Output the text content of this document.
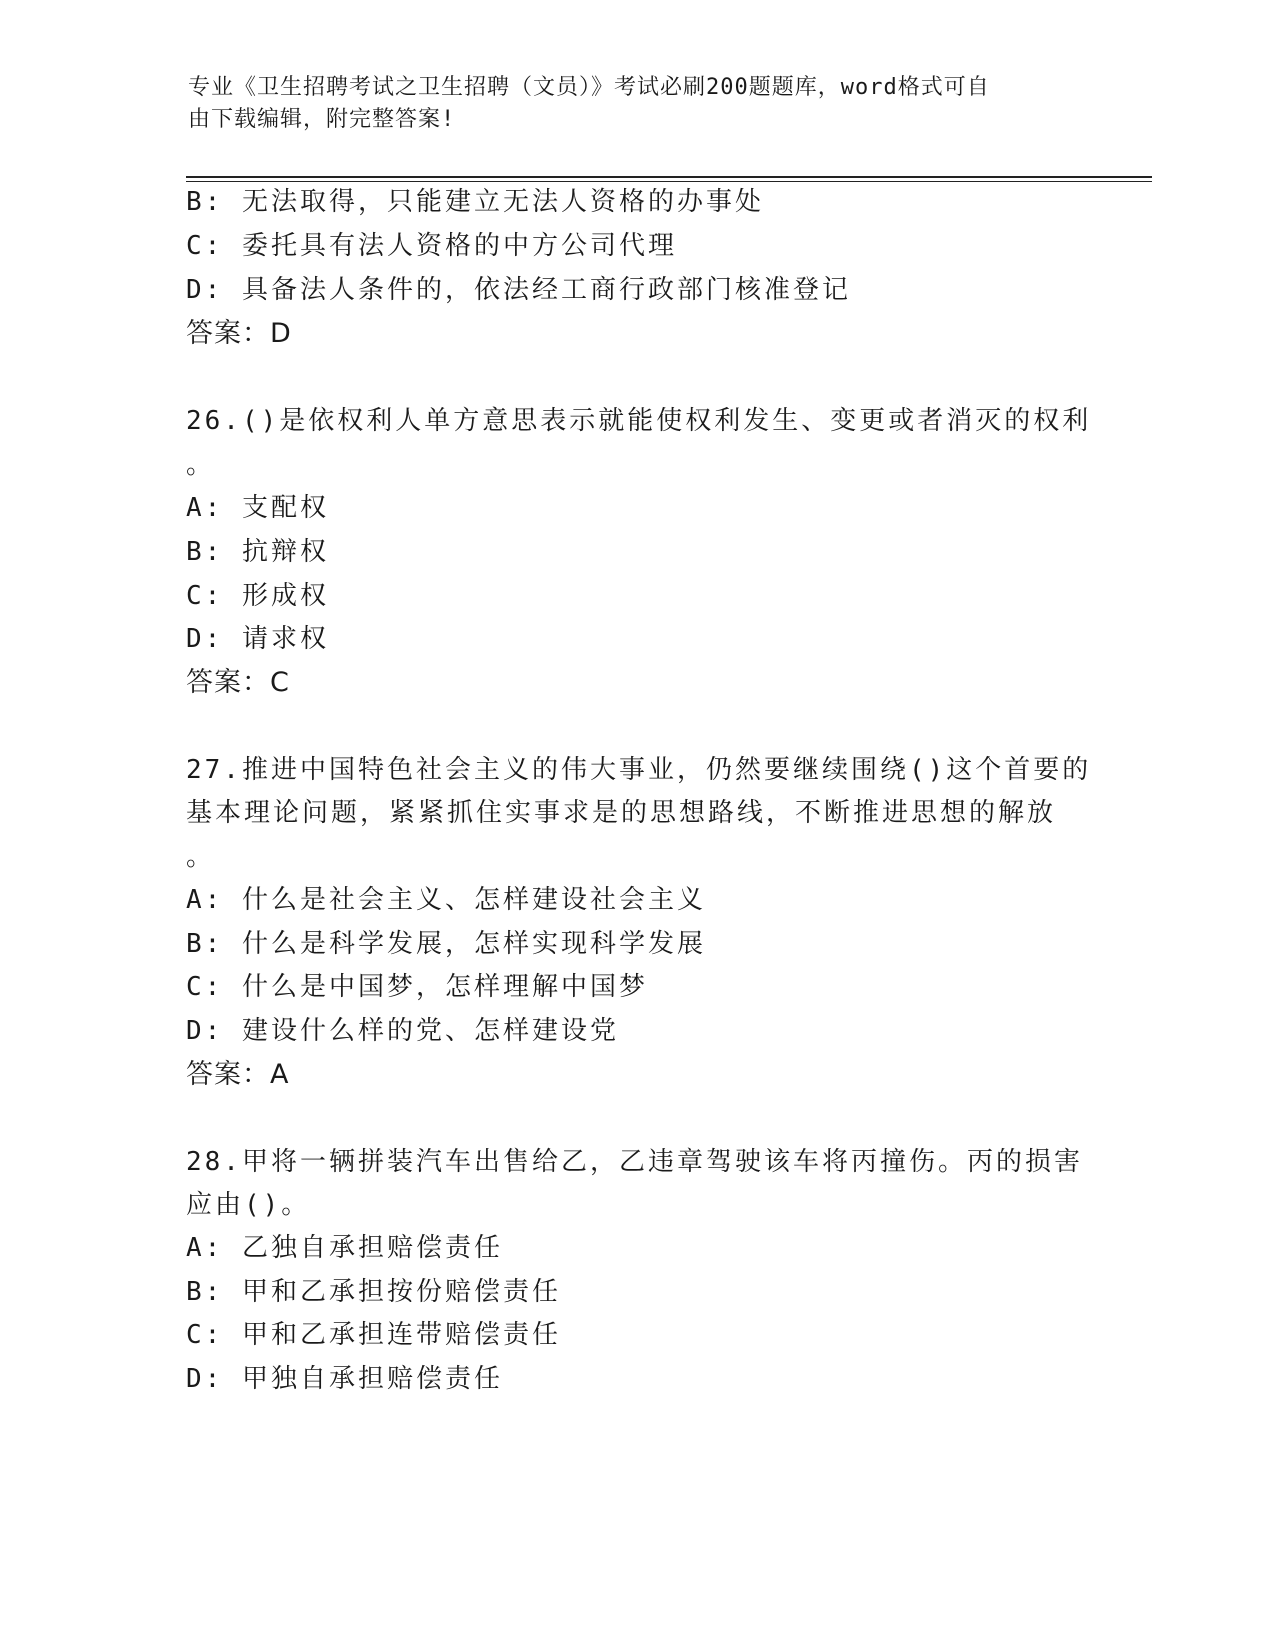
专业《卫生招聘考试之卫生招聘（文员）》考试必刷200题题库，word格式可自
由下载编辑，附完整答案!
B: 无法取得，只能建立无法人资格的办事处
C: 委托具有法人资格的中方公司代理
D: 具备法人条件的，依法经工商行政部门核准登记
答案：D
26.()是依权利人单方意思表示就能使权利发生、变更或者消灭的权利
。
A: 支配权
B: 抗辩权
C: 形成权
D: 请求权
答案：C
27.推进中国特色社会主义的伟大事业，仍然要继续围绕()这个首要的
基本理论问题，紧紧抓住实事求是的思想路线，不断推进思想的解放
。
A: 什么是社会主义、怎样建设社会主义
B: 什么是科学发展，怎样实现科学发展
C: 什么是中国梦，怎样理解中国梦
D: 建设什么样的党、怎样建设党
答案：A
28.甲将一辆拼装汽车出售给乙，乙违章驾驶该车将丙撞伤。丙的损害
应由()。
A: 乙独自承担赔偿责任
B: 甲和乙承担按份赔偿责任
C: 甲和乙承担连带赔偿责任
D: 甲独自承担赔偿责任
